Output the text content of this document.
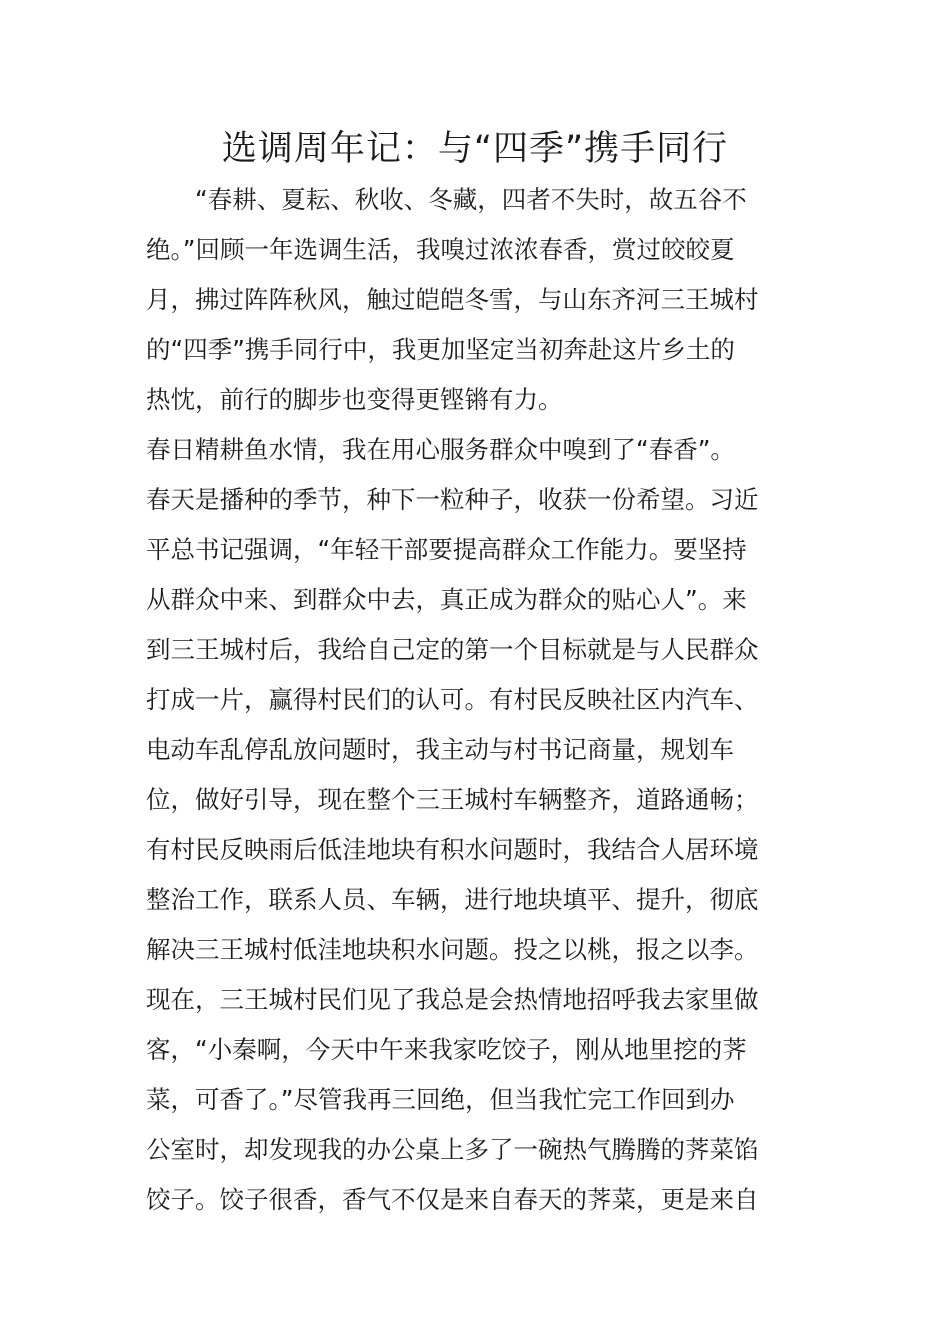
选调周年记：与“四季”携手同行
　　“春耕、夏耘、秋收、冬藏，四者不失时，故五谷不
绝。”回顾一年选调生活，我嗅过浓浓春香，赏过皎皎夏
月，拂过阵阵秋风，触过皑皑冬雪，与山东齐河三王城村
的“四季”携手同行中，我更加坚定当初奔赴这片乡土的
热忱，前行的脚步也变得更铿锵有力。
春日精耕鱼水情，我在用心服务群众中嗅到了“春香”。
春天是播种的季节，种下一粒种子，收获一份希望。习近
平总书记强调，“年轻干部要提高群众工作能力。要坚持
从群众中来、到群众中去，真正成为群众的贴心人”。来
到三王城村后，我给自己定的第一个目标就是与人民群众
打成一片，赢得村民们的认可。有村民反映社区内汽车、
电动车乱停乱放问题时，我主动与村书记商量，规划车
位，做好引导，现在整个三王城村车辆整齐，道路通畅；
有村民反映雨后低洼地块有积水问题时，我结合人居环境
整治工作，联系人员、车辆，进行地块填平、提升，彻底
解决三王城村低洼地块积水问题。投之以桃，报之以李。
现在，三王城村民们见了我总是会热情地招呼我去家里做
客，“小秦啊，今天中午来我家吃饺子，刚从地里挖的荠
菜，可香了。”尽管我再三回绝，但当我忙完工作回到办
公室时，却发现我的办公桌上多了一碗热气腾腾的荠菜馅
饺子。饺子很香，香气不仅是来自春天的荠菜，更是来自
